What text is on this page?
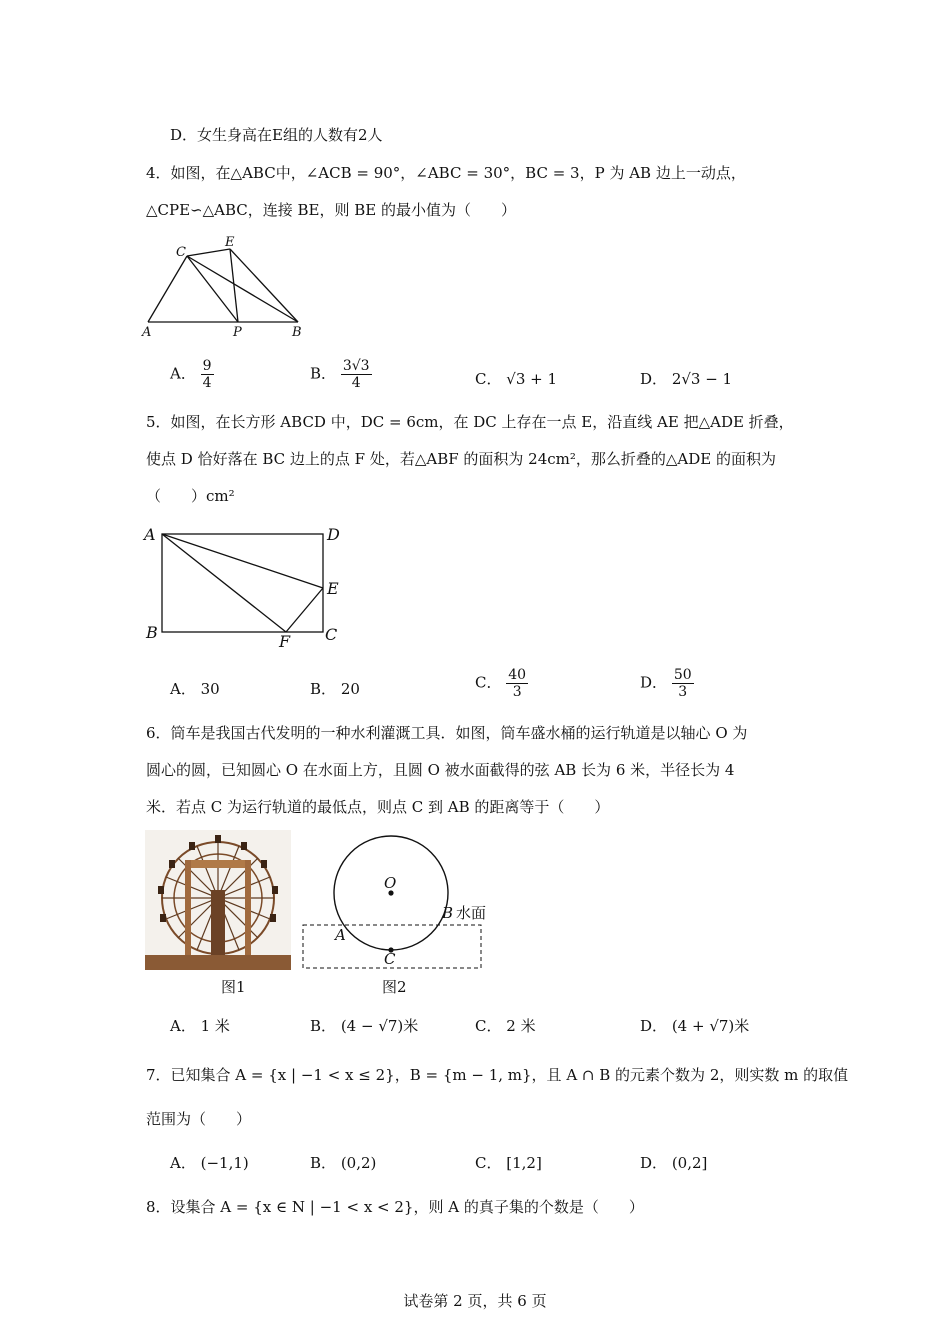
D．女生身高在E组的人数有2人
4．如图，在△ABC中，∠ACB = 90°，∠ABC = 30°，BC = 3，P 为 AB 边上一动点，
△CPE∽△ABC，连接 BE，则 BE 的最小值为（　　）
A	B
C
E
P
A． $\frac{9}{4}$	B． $\frac{3√3}{4}$	C． √3 + 1	D． 2√3 − 1
5．如图，在长方形 ABCD 中，DC = 6cm，在 DC 上存在一点 E，沿直线 AE 把△ADE 折叠，
使点 D 恰好落在 BC 边上的点 F 处，若△ABF 的面积为 24cm²，那么折叠的△ADE 的面积为
（　　）cm²
A	D
E
B	C
F
A． 30	B． 20	C． $\frac{40}{3}$	D． $\frac{50}{3}$
6．筒车是我国古代发明的一种水利灌溉工具．如图，筒车盛水桶的运行轨道是以轴心 O 为
圆心的圆，已知圆心 O 在水面上方，且圆 O 被水面截得的弦 AB 长为 6 米，半径长为 4
米．若点 C 为运行轨道的最低点，则点 C 到 AB 的距离等于（　　）
图1
O
A
B 水面
C
图2
A． 1 米	B． (4 − √7)米	C． 2 米	D． (4 + √7)米
7．已知集合 A = {x | −1 < x ≤ 2}，B = {m − 1, m}，且 A ∩ B 的元素个数为 2，则实数 m 的取值
范围为（　　）
A． (−1,1)	B． (0,2)	C． [1,2]	D． (0,2]
8．设集合 A = {x ∈ N | −1 < x < 2}，则 A 的真子集的个数是（　　）
试卷第 2 页，共 6 页
